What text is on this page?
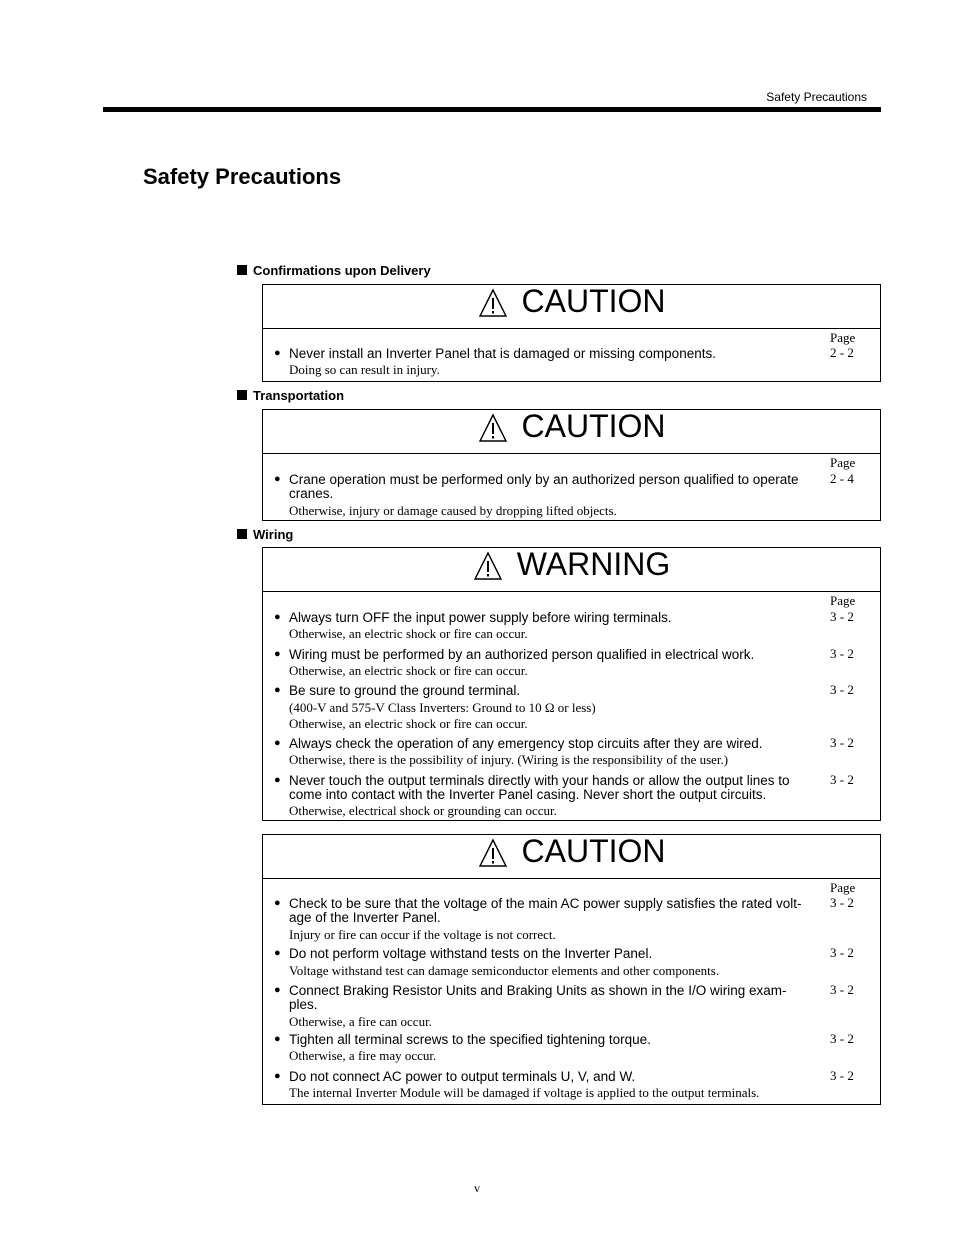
Safety Precautions
Safety Precautions
Confirmations upon Delivery
CAUTION
Page
● Never install an Inverter Panel that is damaged or missing components.
Doing so can result in injury.
2 - 2
Transportation
CAUTION
Page
● Crane operation must be performed only by an authorized person qualified to operate cranes.
Otherwise, injury or damage caused by dropping lifted objects.
2 - 4
Wiring
WARNING
Page
● Always turn OFF the input power supply before wiring terminals.
Otherwise, an electric shock or fire can occur.
3 - 2
● Wiring must be performed by an authorized person qualified in electrical work.
Otherwise, an electric shock or fire can occur.
3 - 2
● Be sure to ground the ground terminal.
(400-V and 575-V Class Inverters: Ground to 10 Ω or less)
Otherwise, an electric shock or fire can occur.
3 - 2
● Always check the operation of any emergency stop circuits after they are wired.
Otherwise, there is the possibility of injury. (Wiring is the responsibility of the user.)
3 - 2
● Never touch the output terminals directly with your hands or allow the output lines to come into contact with the Inverter Panel casing. Never short the output circuits.
Otherwise, electrical shock or grounding can occur.
3 - 2
CAUTION
Page
● Check to be sure that the voltage of the main AC power supply satisfies the rated volt-age of the Inverter Panel.
Injury or fire can occur if the voltage is not correct.
3 - 2
● Do not perform voltage withstand tests on the Inverter Panel.
Voltage withstand test can damage semiconductor elements and other components.
3 - 2
● Connect Braking Resistor Units and Braking Units as shown in the I/O wiring exam-ples.
Otherwise, a fire can occur.
3 - 2
● Tighten all terminal screws to the specified tightening torque.
Otherwise, a fire may occur.
3 - 2
● Do not connect AC power to output terminals U, V, and W.
The internal Inverter Module will be damaged if voltage is applied to the output terminals.
3 - 2
v
